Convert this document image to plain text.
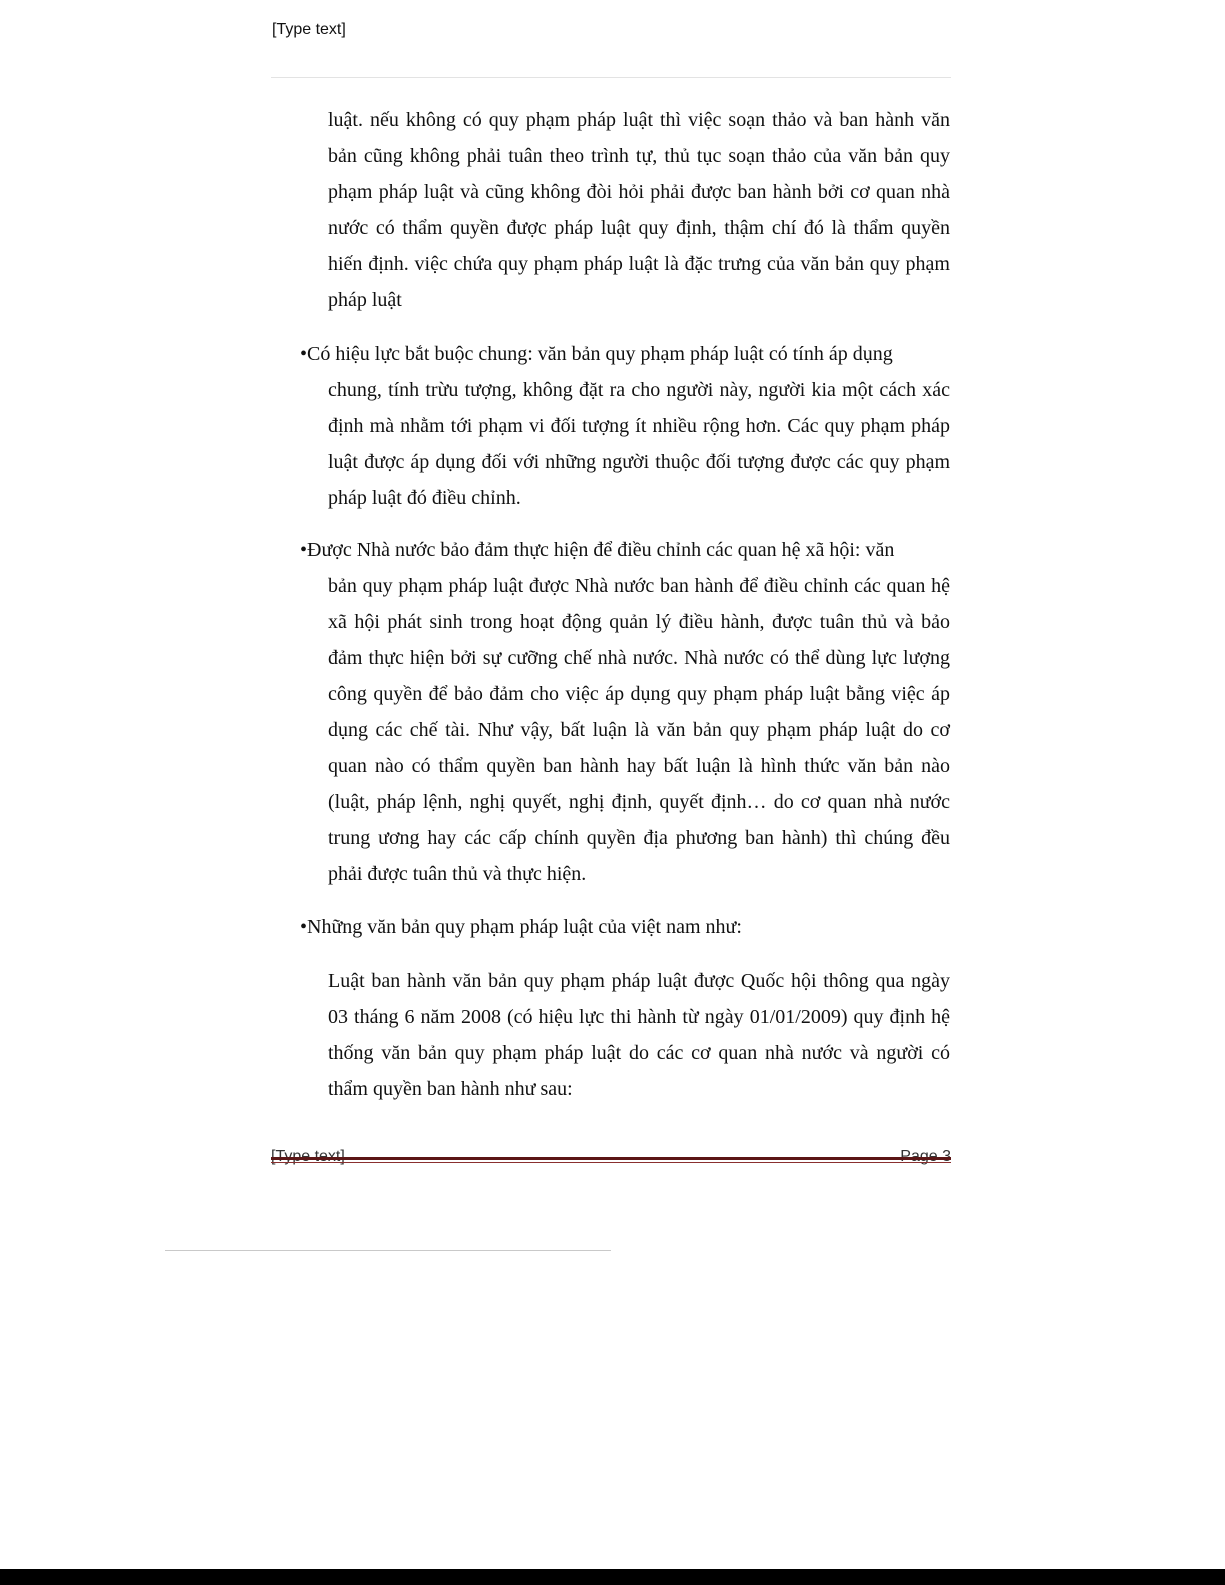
[Type text]

luật. nếu không có quy phạm pháp luật thì việc soạn thảo và ban hành văn bản cũng không phải tuân theo trình tự, thủ tục soạn thảo của văn bản quy phạm pháp luật và cũng không đòi hỏi phải được ban hành bởi cơ quan nhà nước có thẩm quyền được pháp luật quy định, thậm chí đó là thẩm quyền hiến định. việc chứa quy phạm pháp luật là đặc trưng của văn bản quy phạm pháp luật

•Có hiệu lực bắt buộc chung: văn bản quy phạm pháp luật có tính áp dụng
chung, tính trừu tượng, không đặt ra cho người này, người kia một cách xác định mà nhằm tới phạm vi đối tượng ít nhiều rộng hơn. Các quy phạm pháp luật được áp dụng đối với những người thuộc đối tượng được các quy phạm pháp luật đó điều chỉnh.
•Được Nhà nước bảo đảm thực hiện để điều chỉnh các quan hệ xã hội: văn
bản quy phạm pháp luật được Nhà nước ban hành để điều chỉnh các quan hệ xã hội phát sinh trong hoạt động quản lý điều hành, được tuân thủ và bảo đảm thực hiện bởi sự cưỡng chế nhà nước. Nhà nước có thể dùng lực lượng công quyền để bảo đảm cho việc áp dụng quy phạm pháp luật bằng việc áp dụng các chế tài. Như vậy, bất luận là văn bản quy phạm pháp luật do cơ quan nào có thẩm quyền ban hành hay bất luận là hình thức văn bản nào (luật, pháp lệnh, nghị quyết, nghị định, quyết định… do cơ quan nhà nước trung ương hay các cấp chính quyền địa phương ban hành) thì chúng đều phải được tuân thủ và thực hiện.
•Những văn bản quy phạm pháp luật của việt nam như:

Luật ban hành văn bản quy phạm pháp luật được Quốc hội thông qua ngày 03 tháng 6 năm 2008 (có hiệu lực thi hành từ ngày 01/01/2009) quy định hệ thống văn bản quy phạm pháp luật do các cơ quan nhà nước và người có thẩm quyền ban hành như sau:
